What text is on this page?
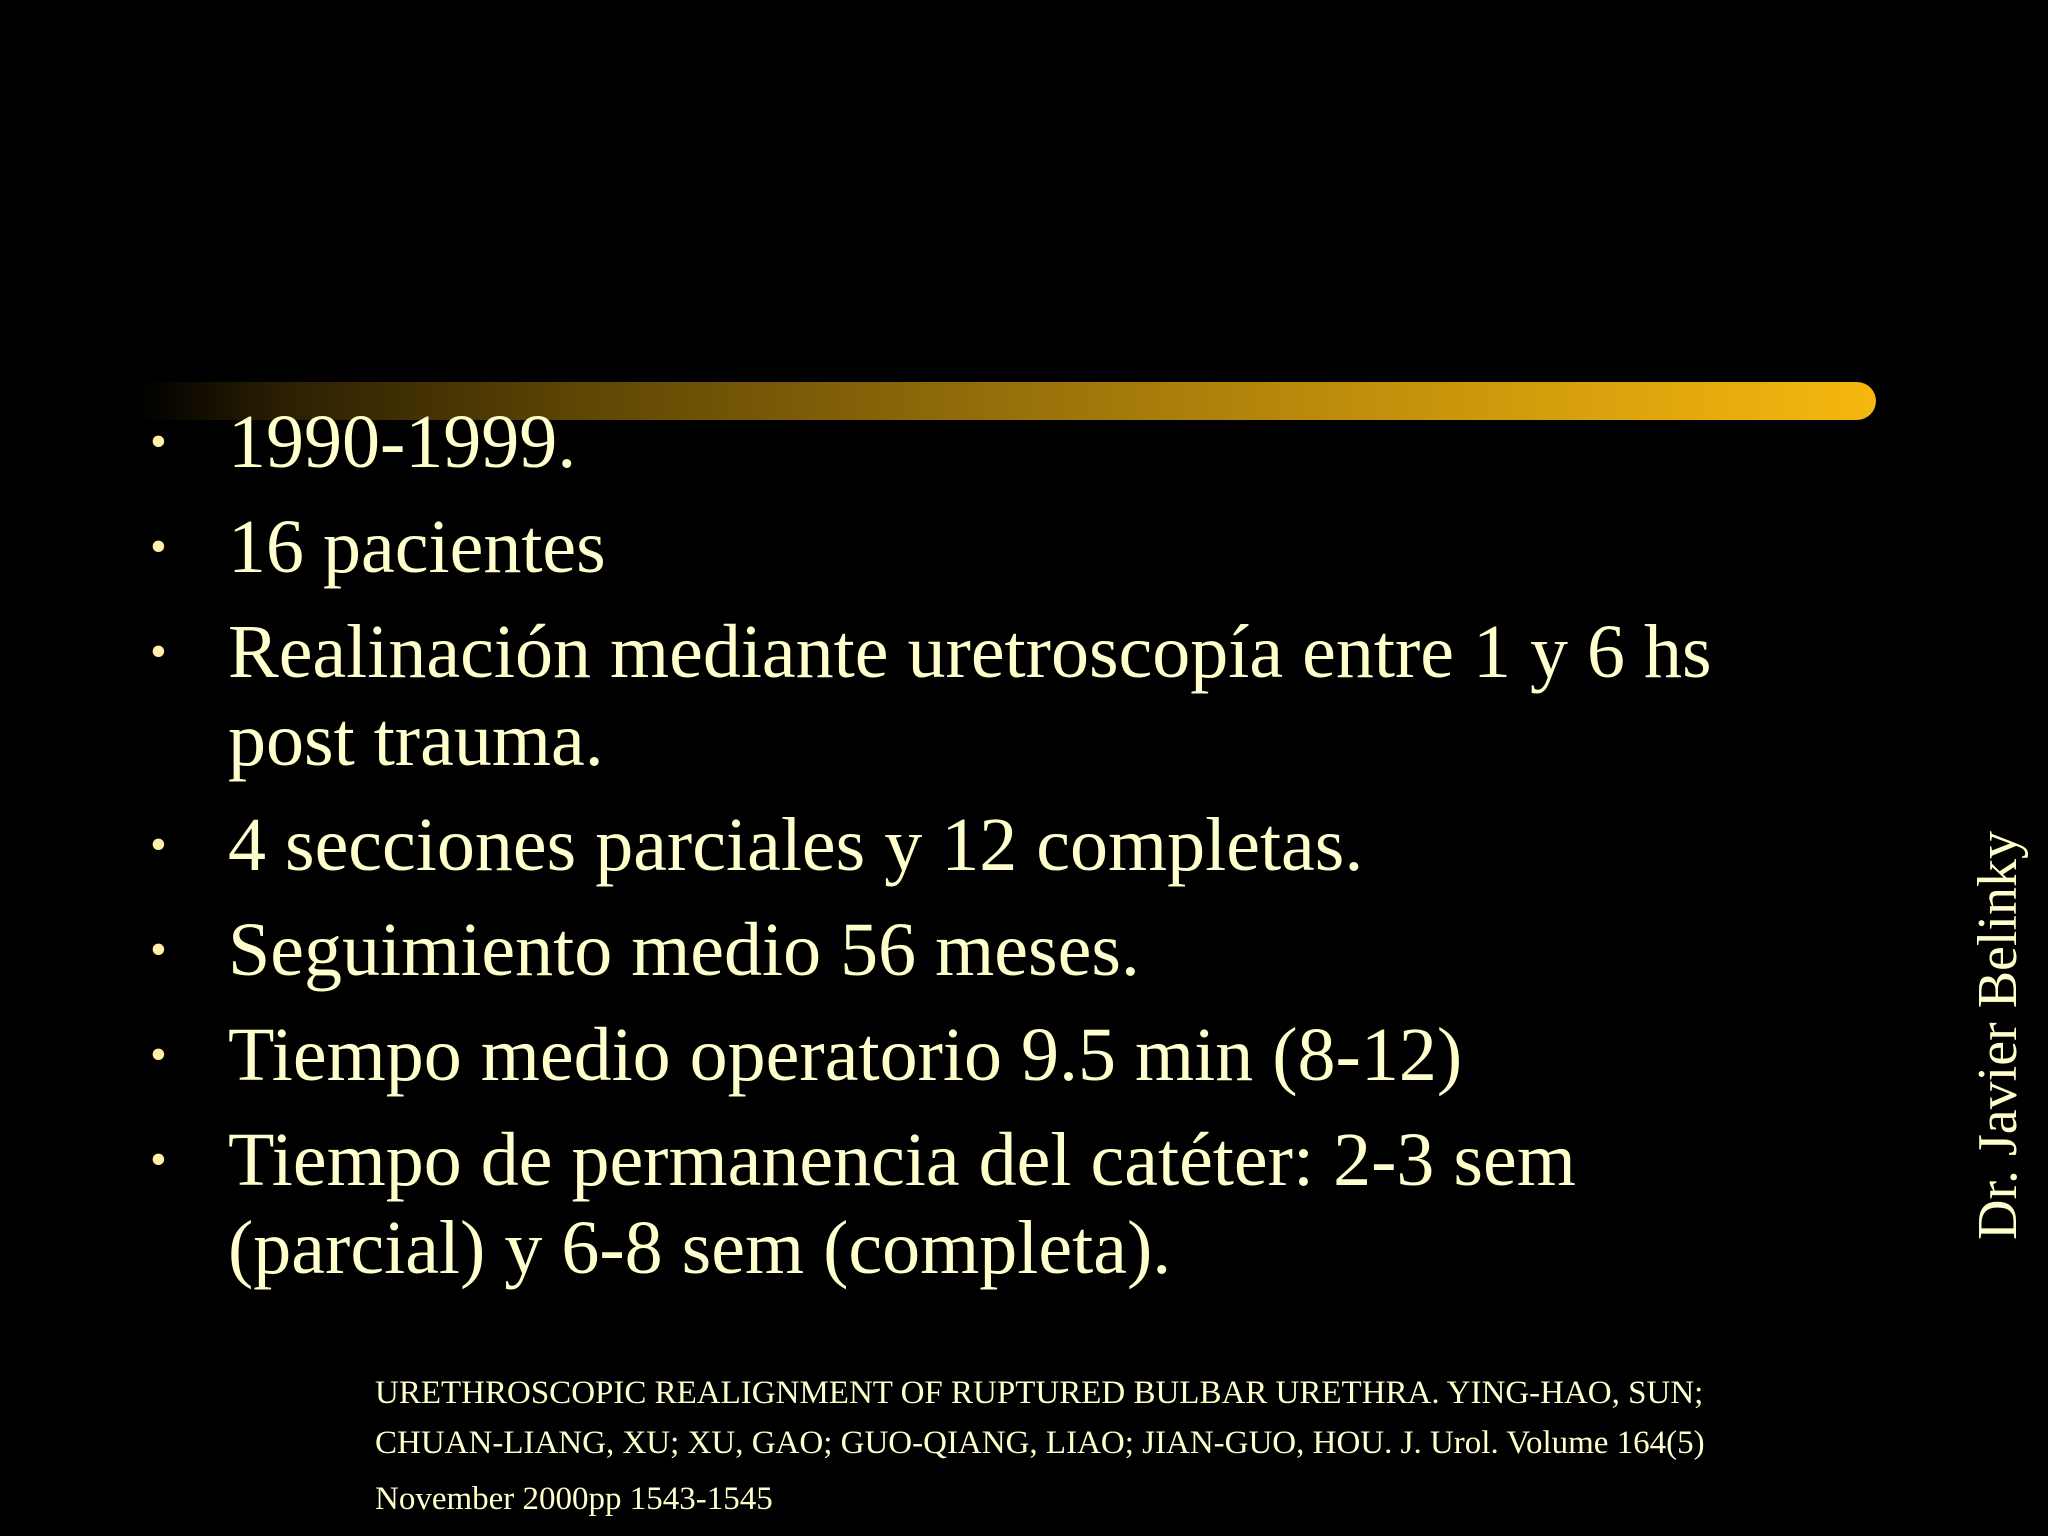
• 1990-1999.
• 16 pacientes
• Realinación mediante uretroscopía entre 1 y 6 hs
post trauma.
• 4 secciones parciales y 12 completas.
• Seguimiento medio 56 meses.
• Tiempo medio operatorio 9.5 min (8-12)
• Tiempo de permanencia del catéter: 2-3 sem
(parcial) y 6-8 sem (completa).
Dr. Javier Belinky
URETHROSCOPIC REALIGNMENT OF RUPTURED BULBAR URETHRA. YING-HAO, SUN;
CHUAN-LIANG, XU; XU, GAO; GUO-QIANG, LIAO; JIAN-GUO, HOU. J. Urol. Volume 164(5)
November 2000pp 1543-1545
